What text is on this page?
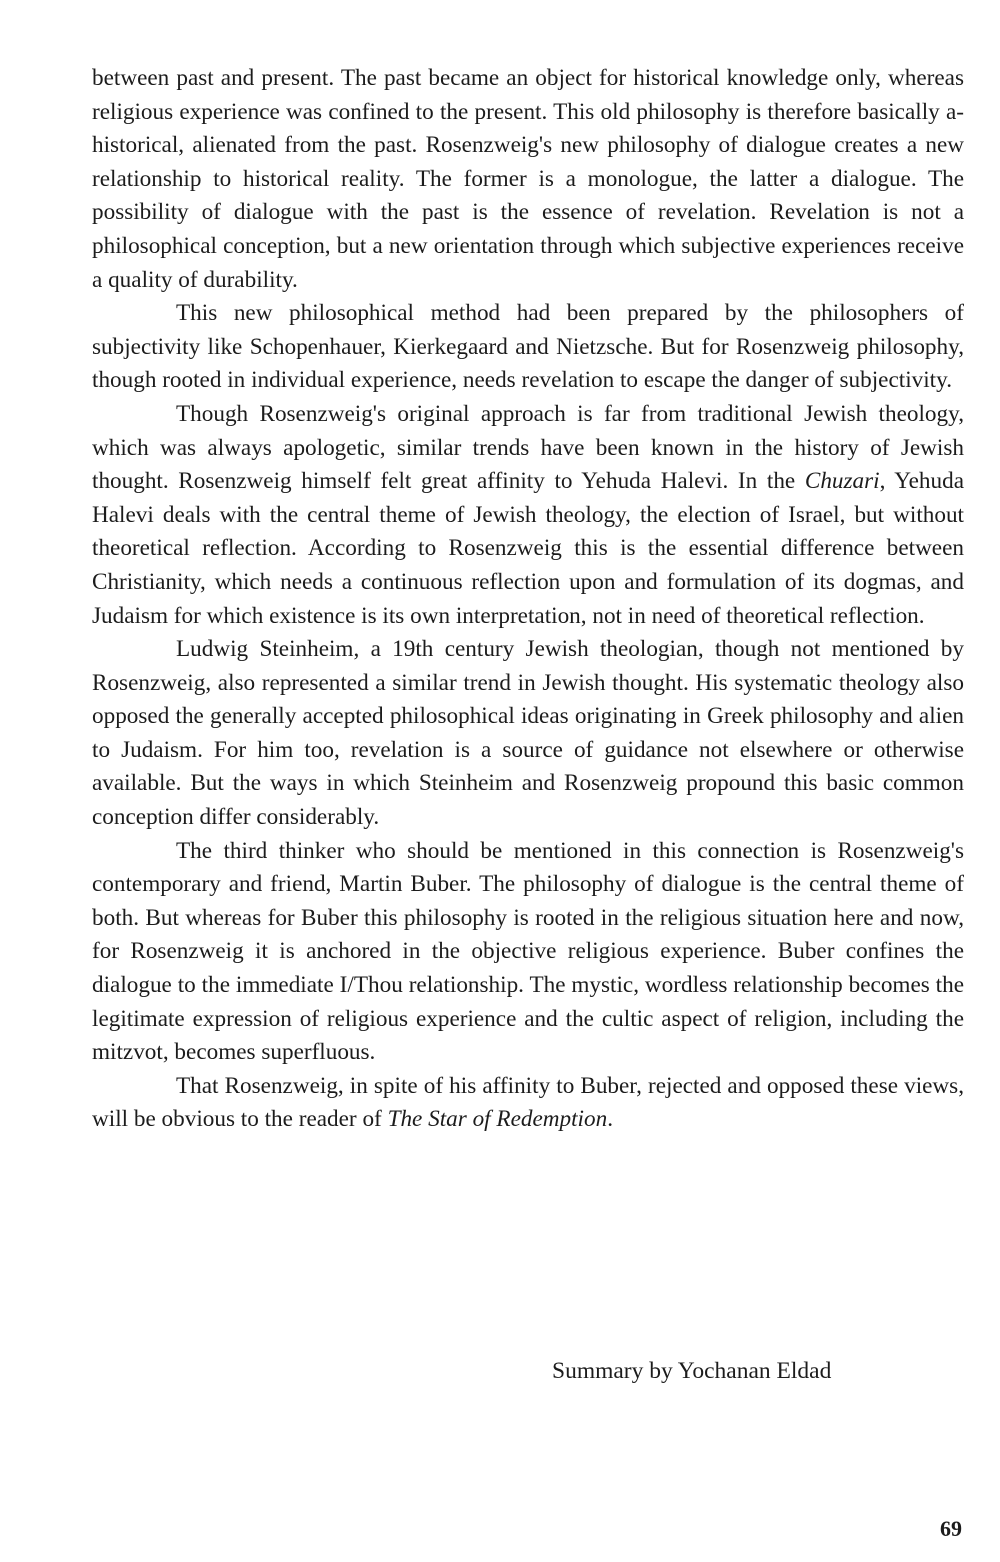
between past and present. The past became an object for historical knowledge only, whereas religious experience was confined to the present. This old philosophy is therefore basically a-historical, alienated from the past. Rosenzweig's new philosophy of dialogue creates a new relationship to historical reality. The former is a monologue, the latter a dialogue. The possibility of dialogue with the past is the essence of revelation. Revelation is not a philosophical conception, but a new orientation through which subjective experiences receive a quality of durability.

This new philosophical method had been prepared by the philosophers of subjectivity like Schopenhauer, Kierkegaard and Nietzsche. But for Rosenzweig philosophy, though rooted in individual experience, needs revelation to escape the danger of subjectivity.

Though Rosenzweig's original approach is far from traditional Jewish theology, which was always apologetic, similar trends have been known in the history of Jewish thought. Rosenzweig himself felt great affinity to Yehuda Halevi. In the Chuzari, Yehuda Halevi deals with the central theme of Jewish theology, the election of Israel, but without theoretical reflection. According to Rosenzweig this is the essential difference between Christianity, which needs a continuous reflection upon and formulation of its dogmas, and Judaism for which existence is its own interpretation, not in need of theoretical reflection.

Ludwig Steinheim, a 19th century Jewish theologian, though not mentioned by Rosenzweig, also represented a similar trend in Jewish thought. His systematic theology also opposed the generally accepted philosophical ideas originating in Greek philosophy and alien to Judaism. For him too, revelation is a source of guidance not elsewhere or otherwise available. But the ways in which Steinheim and Rosenzweig propound this basic common conception differ considerably.

The third thinker who should be mentioned in this connection is Rosenzweig's contemporary and friend, Martin Buber. The philosophy of dialogue is the central theme of both. But whereas for Buber this philosophy is rooted in the religious situation here and now, for Rosenzweig it is anchored in the objective religious experience. Buber confines the dialogue to the immediate I/Thou relationship. The mystic, wordless relationship becomes the legitimate expression of religious experience and the cultic aspect of religion, including the mitzvot, becomes superfluous.

That Rosenzweig, in spite of his affinity to Buber, rejected and opposed these views, will be obvious to the reader of The Star of Redemption.

Summary by Yochanan Eldad
69
